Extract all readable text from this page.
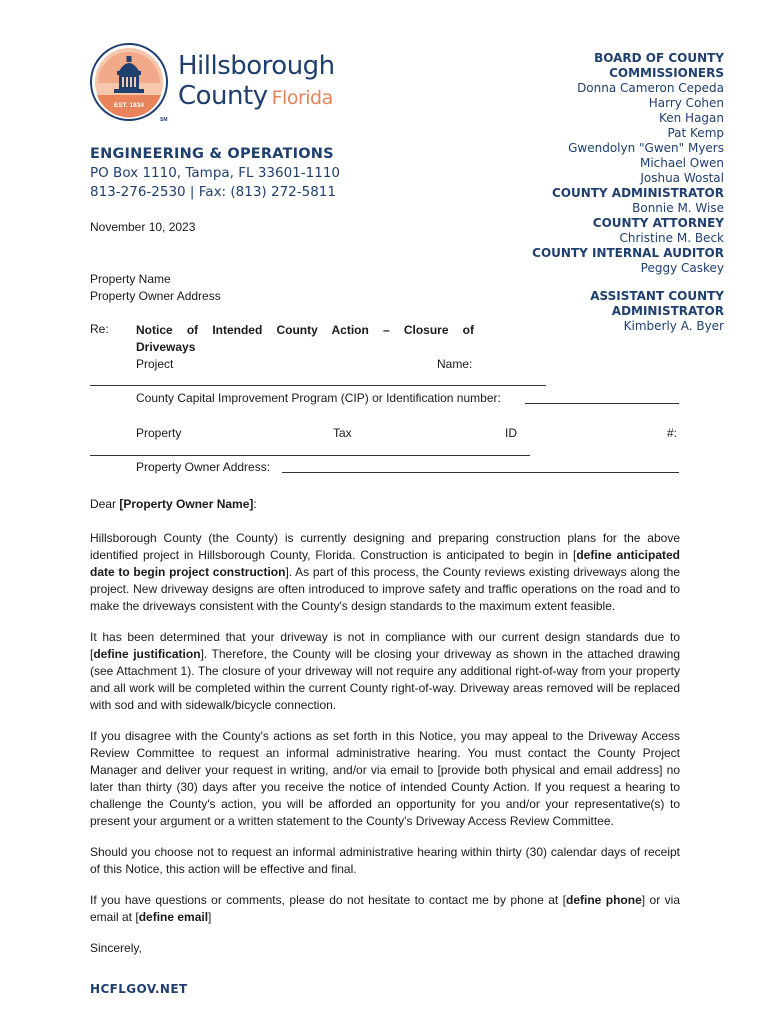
EST. 1834
SM
Hillsborough
County Florida
ENGINEERING & OPERATIONS
PO Box 1110, Tampa, FL 33601-1110
813-276-2530 | Fax: (813) 272-5811
BOARD OF COUNTY
COMMISSIONERS
Donna Cameron Cepeda
Harry Cohen
Ken Hagan
Pat Kemp
Gwendolyn "Gwen" Myers
Michael Owen
Joshua Wostal
COUNTY ADMINISTRATOR
Bonnie M. Wise
COUNTY ATTORNEY
Christine M. Beck
COUNTY INTERNAL AUDITOR
Peggy Caskey
ASSISTANT COUNTY
ADMINISTRATOR
Kimberly A. Byer
November 10, 2023
Property Name
Property Owner Address
Re: Notice of Intended County Action – Closure of Driveways
Project	Name:
County Capital Improvement Program (CIP) or Identification number:
Property	Tax	ID	#:
Property Owner Address:

Dear [Property Owner Name]:

Hillsborough County (the County) is currently designing and preparing construction plans for the above identified project in Hillsborough County, Florida. Construction is anticipated to begin in [define anticipated date to begin project construction]. As part of this process, the County reviews existing driveways along the project. New driveway designs are often introduced to improve safety and traffic operations on the road and to make the driveways consistent with the County's design standards to the maximum extent feasible.

It has been determined that your driveway is not in compliance with our current design standards due to [define justification]. Therefore, the County will be closing your driveway as shown in the attached drawing (see Attachment 1). The closure of your driveway will not require any additional right-of-way from your property and all work will be completed within the current County right-of-way. Driveway areas removed will be replaced with sod and with sidewalk/bicycle connection.

If you disagree with the County's actions as set forth in this Notice, you may appeal to the Driveway Access Review Committee to request an informal administrative hearing. You must contact the County Project Manager and deliver your request in writing, and/or via email to [provide both physical and email address] no later than thirty (30) days after you receive the notice of intended County Action. If you request a hearing to challenge the County's action, you will be afforded an opportunity for you and/or your representative(s) to present your argument or a written statement to the County's Driveway Access Review Committee.

Should you choose not to request an informal administrative hearing within thirty (30) calendar days of receipt of this Notice, this action will be effective and final.

If you have questions or comments, please do not hesitate to contact me by phone at [define phone] or via email at [define email]

Sincerely,

HCFLGOV.NET
